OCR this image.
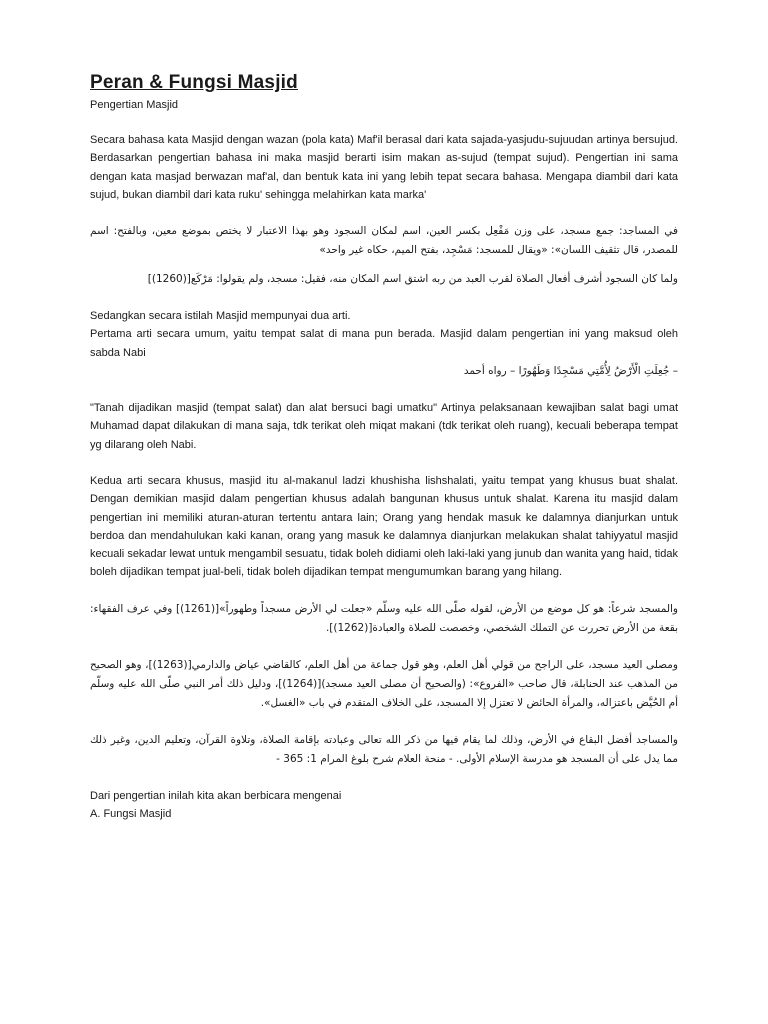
Peran & Fungsi Masjid
Pengertian Masjid

Secara bahasa kata Masjid dengan wazan (pola kata) Maf'il berasal dari kata sajada-yasjudu-sujuudan artinya bersujud. Berdasarkan pengertian bahasa ini maka masjid berarti isim makan as-sujud (tempat sujud). Pengertian ini sama dengan kata masjad berwazan maf'al, dan bentuk kata ini yang lebih tepat secara bahasa. Mengapa diambil dari kata sujud, bukan diambil dari kata ruku' sehingga melahirkan kata marka'

في المساجد: جمع مسجد، على وزن مَفْعِل بكسر العين، اسم لمكان السجود وهو بهذا الاعتبار لا يختص بموضع معين، وبالفتح: اسم للمصدر، قال تثقيف اللسان»: «ويقال للمسجد: مَسْجِد، بفتح الميم، حكاه غير واحد»

ولما كان السجود أشرف أفعال الصلاة لقرب العبد من ربه اشتق اسم المكان منه، فقيل: مسجد، ولم يقولوا: مَرْكَع[(1260)]

Sedangkan secara istilah Masjid mempunyai dua arti.

Pertama arti secara umum, yaitu tempat salat di mana pun berada. Masjid dalam pengertian ini yang maksud oleh sabda Nabi

– جُعِلَتِ الْأَرْضُ لِأُمَّتِي مَسْجِدًا وَطَهُورًا – رواه أحمد

"Tanah dijadikan masjid (tempat salat) dan alat bersuci bagi umatku" Artinya pelaksanaan kewajiban salat bagi umat Muhamad dapat dilakukan di mana saja, tdk terikat oleh miqat makani (tdk terikat oleh ruang), kecuali beberapa tempat yg dilarang oleh Nabi.

Kedua arti secara khusus, masjid itu al-makanul ladzi khushisha lishshalati, yaitu tempat yang khusus buat shalat. Dengan demikian masjid dalam pengertian khusus adalah bangunan khusus untuk shalat. Karena itu masjid dalam pengertian ini memiliki aturan-aturan tertentu antara lain; Orang yang hendak masuk ke dalamnya dianjurkan untuk berdoa dan mendahulukan kaki kanan, orang yang masuk ke dalamnya dianjurkan melakukan shalat tahiyyatul masjid kecuali sekadar lewat untuk mengambil sesuatu, tidak boleh didiami oleh laki-laki yang junub dan wanita yang haid, tidak boleh dijadikan tempat jual-beli, tidak boleh dijadikan tempat mengumumkan barang yang hilang.

والمسجد شرعاً: هو كل موضع من الأرض، لقوله صلّى الله عليه وسلّم «جعلت لي الأرض مسجداً وطهوراً»[(1261)] وفي عرف الفقهاء: بقعة من الأرض تحررت عن التملك الشخصي، وخصصت للصلاة والعبادة[(1262)].

ومصلى العيد مسجد، على الراجح من قولي أهل العلم، وهو قول جماعة من أهل العلم، كالقاضي عياض والدارمي[(1263)]، وهو الصحيح من المذهب عند الحنابلة، قال صاحب «الفروع»: (والصحيح أن مصلى العيد مسجد)[(1264)]، ودليل ذلك أمر النبي صلّى الله عليه وسلّم أم الحُيَّض باعتزاله، والمرأة الحائض لا تعتزل إلا المسجد، على الخلاف المتقدم في باب «الغسل».

والمساجد أفضل البقاع في الأرض، وذلك لما يقام فيها من ذكر الله تعالى وعبادته بإقامة الصلاة، وتلاوة القرآن، وتعليم الدين، وغير ذلك مما يدل على أن المسجد هو مدرسة الإسلام الأولى. - منحة العلام شرح بلوغ المرام 1: 365 -

Dari pengertian inilah kita akan berbicara mengenai

A. Fungsi Masjid
